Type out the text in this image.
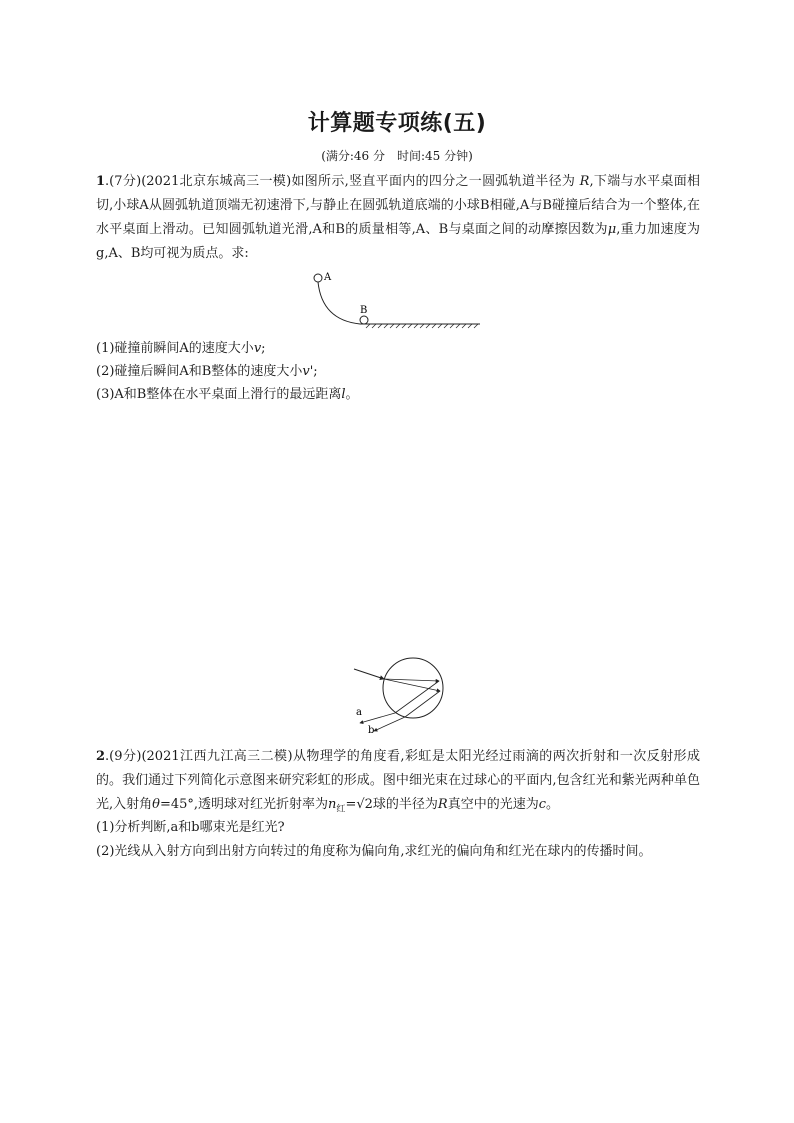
计算题专项练(五)
(满分:46 分　时间:45 分钟)
1.(7分)(2021北京东城高三一模)如图所示,竖直平面内的四分之一圆弧轨道半径为 R,下端与水平桌面相切,小球A从圆弧轨道顶端无初速滑下,与静止在圆弧轨道底端的小球B相碰,A与B碰撞后结合为一个整体,在水平桌面上滑动。已知圆弧轨道光滑,A和B的质量相等,A、B与桌面之间的动摩擦因数为μ,重力加速度为 g,A、B均可视为质点。求:
A
B
(1)碰撞前瞬间A的速度大小v;
(2)碰撞后瞬间A和B整体的速度大小v';
(3)A和B整体在水平桌面上滑行的最远距离l。
a
b
2.(9分)(2021江西九江高三二模)从物理学的角度看,彩虹是太阳光经过雨滴的两次折射和一次反射形成的。我们通过下列简化示意图来研究彩虹的形成。图中细光束在过球心的平面内,包含红光和紫光两种单色光,入射角θ=45°,透明球对红光折射率为$n_红=√2$球的半径为R真空中的光速为c。
(1)分析判断,a和b哪束光是红光?
(2)光线从入射方向到出射方向转过的角度称为偏向角,求红光的偏向角和红光在球内的传播时间。
